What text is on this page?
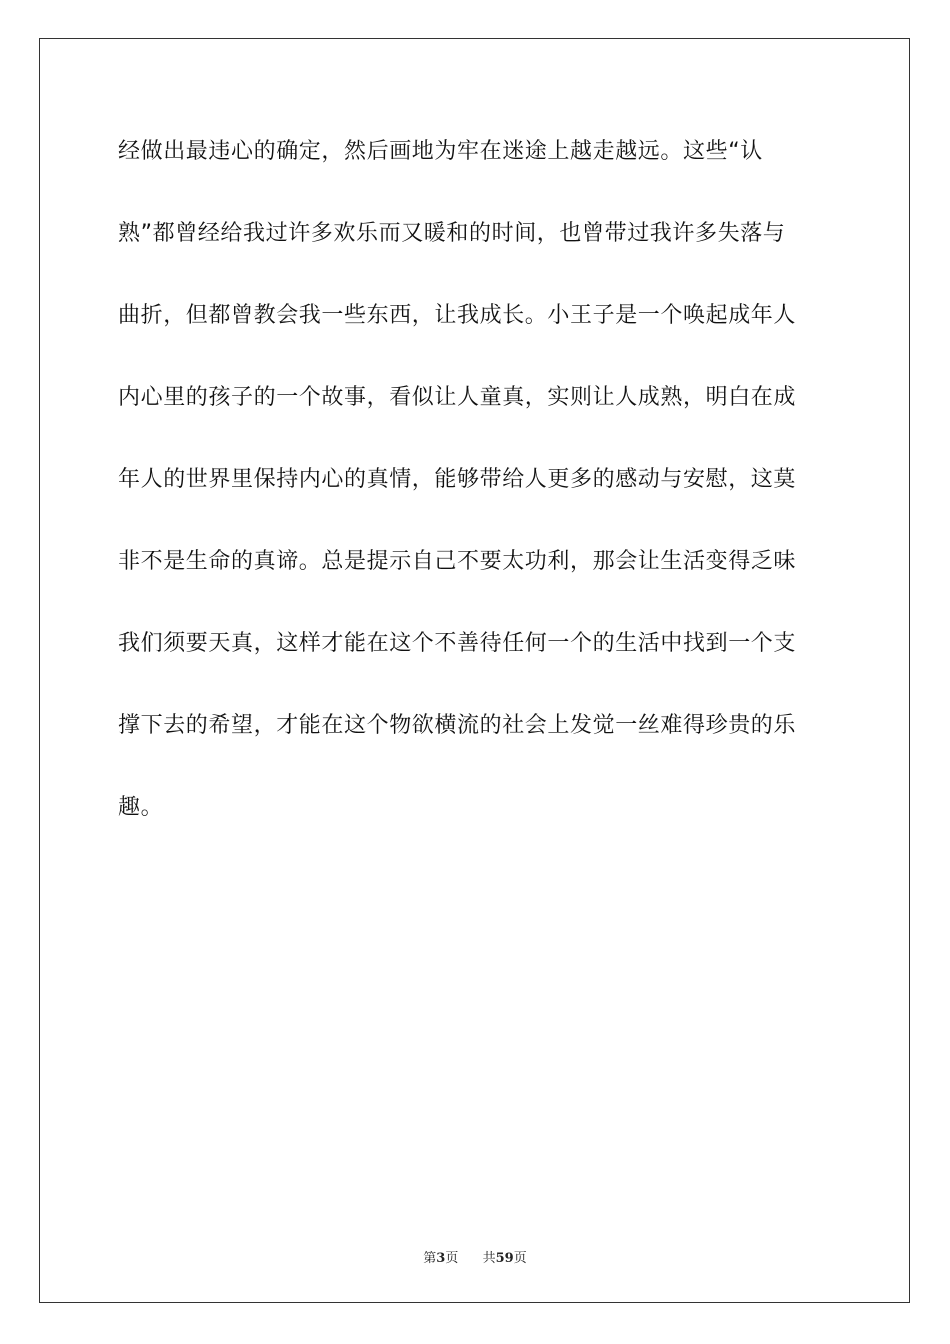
经做出最违心的确定，然后画地为牢在迷途上越走越远。这些“认
熟”都曾经给我过许多欢乐而又暖和的时间，也曾带过我许多失落与
曲折，但都曾教会我一些东西，让我成长。小王子是一个唤起成年人
内心里的孩子的一个故事，看似让人童真，实则让人成熟，明白在成
年人的世界里保持内心的真情，能够带给人更多的感动与安慰，这莫
非不是生命的真谛。总是提示自己不要太功利，那会让生活变得乏味
我们须要天真，这样才能在这个不善待任何一个的生活中找到一个支
撑下去的希望，才能在这个物欲横流的社会上发觉一丝难得珍贵的乐
趣。
第3页 共59页
